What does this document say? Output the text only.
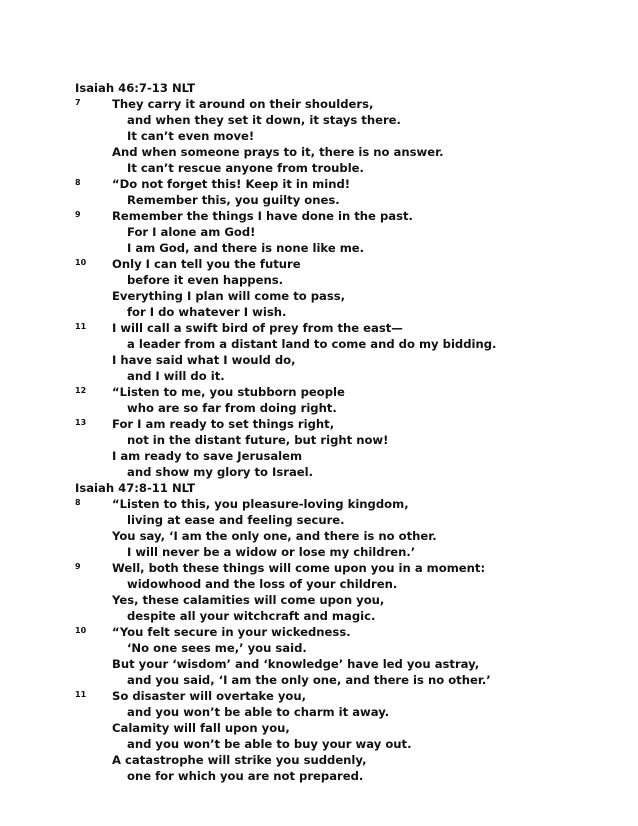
Isaiah 46:7-13 NLT
7	They carry it around on their shoulders,
and when they set it down, it stays there.
It can’t even move!
And when someone prays to it, there is no answer.
It can’t rescue anyone from trouble.
8	“Do not forget this! Keep it in mind!
Remember this, you guilty ones.
9	Remember the things I have done in the past.
For I alone am God!
I am God, and there is none like me.
10 Only I can tell you the future
before it even happens.
Everything I plan will come to pass,
for I do whatever I wish.
11 I will call a swift bird of prey from the east—
a leader from a distant land to come and do my bidding.
I have said what I would do,
and I will do it.
12 “Listen to me, you stubborn people
who are so far from doing right.
13 For I am ready to set things right,
not in the distant future, but right now!
I am ready to save Jerusalem
and show my glory to Israel.
Isaiah 47:8-11 NLT
8	“Listen to this, you pleasure-loving kingdom,
living at ease and feeling secure.
You say, ‘I am the only one, and there is no other.
I will never be a widow or lose my children.’
9	Well, both these things will come upon you in a moment:
widowhood and the loss of your children.
Yes, these calamities will come upon you,
despite all your witchcraft and magic.
10 “You felt secure in your wickedness.
‘No one sees me,’ you said.
But your ‘wisdom’ and ‘knowledge’ have led you astray,
and you said, ‘I am the only one, and there is no other.’
11 So disaster will overtake you,
and you won’t be able to charm it away.
Calamity will fall upon you,
and you won’t be able to buy your way out.
A catastrophe will strike you suddenly,
one for which you are not prepared.
